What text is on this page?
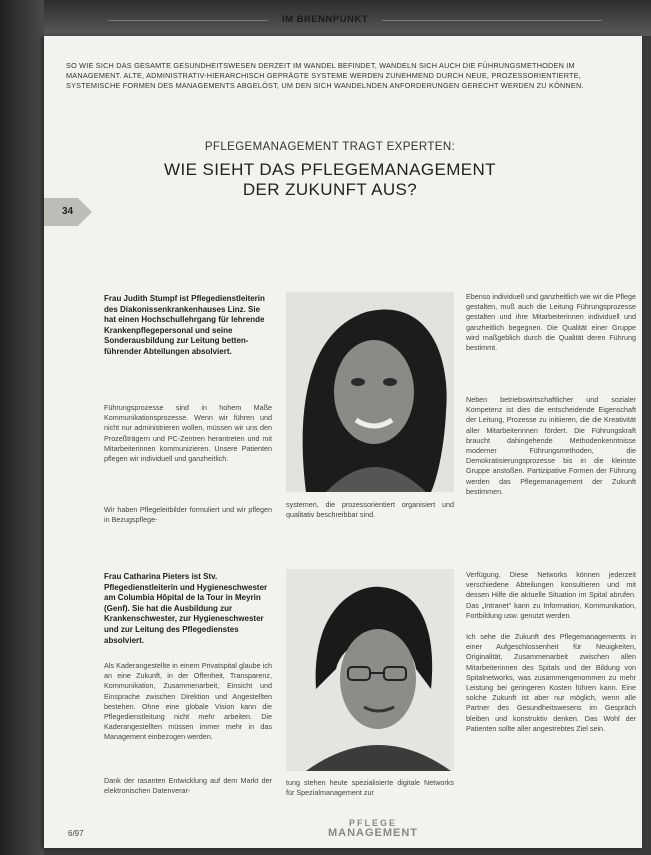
IM BRENNPUNKT
SO WIE SICH DAS GESAMTE GESUNDHEITSWESEN DERZEIT IM WANDEL BEFINDET, WANDELN SICH AUCH DIE FÜHRUNGSMETHODEN IM MANAGEMENT. ALTE, ADMINISTRATIV-HIERARCHISCH GEPRÄGTE SYSTEME WERDEN ZUNEHMEND DURCH NEUE, PROZESSORIENTIERTE, SYSTEMISCHE FORMEN DES MANAGEMENTS ABGELÖST, UM DEN SICH WANDELNDEN ANFORDERUNGEN GERECHT WERDEN ZU KÖNNEN.
PFLEGEMANAGEMENT TRAGT EXPERTEN:
WIE SIEHT DAS PFLEGEMANAGEMENT
DER ZUKUNFT AUS?
34
Frau Judith Stumpf ist Pflegedienstleiterin des Diakonissenkrankenhauses Linz. Sie hat einen Hochschullehrgang für lehrende Krankenpflegepersonal und seine Sonderausbildung zur Leitung bettenführender Abteilungen absolviert.
Führungsprozesse sind in hohem Maße Kommunikationsprozesse. Wenn wir führen und nicht nur administrieren wollen, müssen wir uns den Prozeßträgern und PC-Zentren herantreten und mit Mitarbeiterinnen kommunizieren. Unsere Patienten pflegen wir individuell und ganzheitlich.
Wir haben Pflegeleitbilder formuliert und wir pflegen in Bezugspflege-
systemen, die prozessorientiert organisiert und qualitativ beschreibbar sind.
Ebenso individuell und ganzheitlich wie wir die Pflege gestalten, muß auch die Leitung Führungsprozesse gestalten und ihre Mitarbeiterinnen individuell und ganzheitlich begegnen. Die Qualität einer Gruppe wird maßgeblich durch die Qualität deren Führung bestimmt.
Neben betriebswirtschaftlicher und sozialer Kompetenz ist dies die entscheidende Eigenschaft der Leitung, Prozesse zu initiieren, die die Kreativität aller Mitarbeiterinnen fördert. Die Führungskraft braucht dahingehende Methodenkenntnisse moderner Führungsmethoden, die Demokratisierungsprozesse bis in die kleinste Gruppe anstoßen. Partizipative Formen der Führung werden das Pflegemanagement der Zukunft bestimmen.
Frau Catharina Pieters ist Stv. Pflegedienstleiterin und Hygieneschwester am Columbia Hôpital de la Tour in Meyrin (Genf). Sie hat die Ausbildung zur Krankenschwester, zur Hygieneschwester und zur Leitung des Pflegedienstes absolviert.
Als Kaderangestellte in einem Privatspital glaube ich an eine Zukunft, in der Offenheit, Transparenz, Kommunikation, Zusammenarbeit, Einsicht und Einsprache zwischen Direktion und Angestellten bestehen. Ohne eine globale Vision kann die Pflegedienstleitung nicht mehr arbeiten. Die Kaderangestellten müssen immer mehr in das Management einbezogen werden.
Dank der rasanten Entwicklung auf dem Markt der elektronischen Datenverar-
tung stehen heute spezialisierte digitale Networks für Spezialmanagement zur
Verfügung. Diese Networks können jederzeit verschiedene Abteilungen konsultieren und mit dessen Hilfe die aktuelle Situation im Spital abrufen. Das „Intranet“ kann zu Information, Kommunikation, Fortbildung usw. genutzt werden.
Ich sehe die Zukunft des Pflegemanagements in einer Aufgeschlossenheit für Neuigkeiten, Originalität, Zusammenarbeit zwischen allen Mitarbeiterinnen des Spitals und der Bildung von Spitalnetworks, was zusammengenommen zu mehr Leistung bei geringeren Kosten führen kann. Eine solche Zukunft ist aber nur möglich, wenn alle Partner des Gesundheitswesens im Gespräch bleiben und konstruktiv denken. Das Wohl der Patienten sollte aller angestrebtes Ziel sein.
6/97
PFLEGE
MANAGEMENT
